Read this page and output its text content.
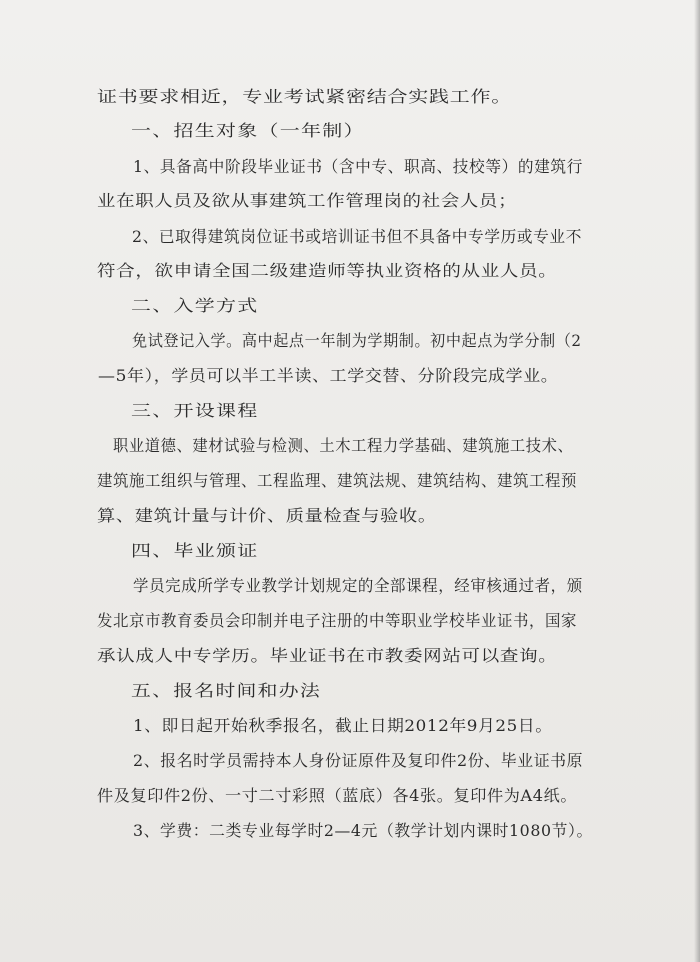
证书要求相近，专业考试紧密结合实践工作。
一、招生对象（一年制）
1、具备高中阶段毕业证书（含中专、职高、技校等）的建筑行
业在职人员及欲从事建筑工作管理岗的社会人员；
2、已取得建筑岗位证书或培训证书但不具备中专学历或专业不
符合，欲申请全国二级建造师等执业资格的从业人员。
二、入学方式
免试登记入学。高中起点一年制为学期制。初中起点为学分制（2
—5年），学员可以半工半读、工学交替、分阶段完成学业。
三、开设课程
职业道德、建材试验与检测、土木工程力学基础、建筑施工技术、
建筑施工组织与管理、工程监理、建筑法规、建筑结构、建筑工程预
算、建筑计量与计价、质量检查与验收。
四、毕业颁证
学员完成所学专业教学计划规定的全部课程，经审核通过者，颁
发北京市教育委员会印制并电子注册的中等职业学校毕业证书，国家
承认成人中专学历。毕业证书在市教委网站可以查询。
五、报名时间和办法
1、即日起开始秋季报名，截止日期2012年9月25日。
2、报名时学员需持本人身份证原件及复印件2份、毕业证书原
件及复印件2份、一寸二寸彩照（蓝底）各4张。复印件为A4纸。
3、学费：二类专业每学时2—4元（教学计划内课时1080节）。
